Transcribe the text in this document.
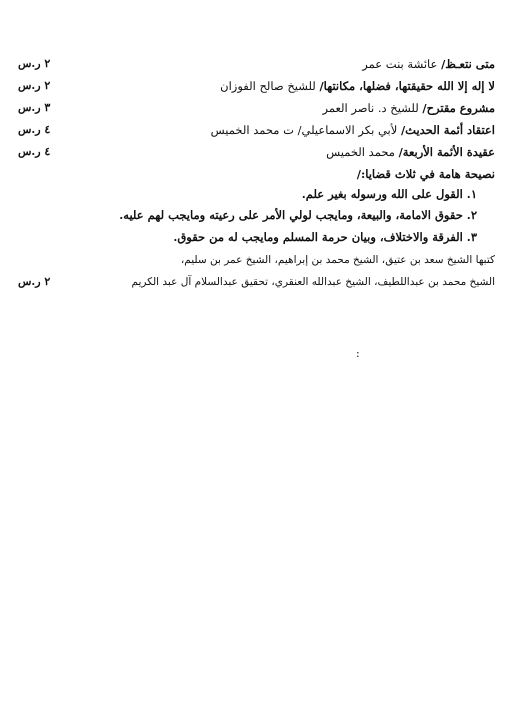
متى نتعـظ/ عائشة بنت عمر
٢ ر.س
لا إله إلا الله حقيقتها، فضلها، مكانتها/ للشيخ صالح الفوزان
٢ ر.س
مشروع مقترح/ للشيخ د. ناصر العمر
٣ ر.س
اعتقاد أئمة الحديث/ لأبي بكر الاسماعيلي/ ت محمد الخميس
٤ ر.س
عقيدة الأئمة الأربعة/ محمد الخميس
٤ ر.س
نصيحة هامة في ثلاث قضايا:/
١. القول على الله ورسوله بغير علم.
٢. حقوق الامامة، والبيعة، ومايجب لولي الأمر على رعيته ومايجب لهم عليه.
٣. الفرقة والاختلاف، وبيان حرمة المسلم ومايجب له من حقوق.
كتبها الشيخ سعد بن عتيق، الشيخ محمد بن إبراهيم، الشيخ عمر بن سليم،
الشيخ محمد بن عبداللطيف، الشيخ عبدالله العنقري، تحقيق عبدالسلام آل عبد الكريم
٢ ر.س
:
